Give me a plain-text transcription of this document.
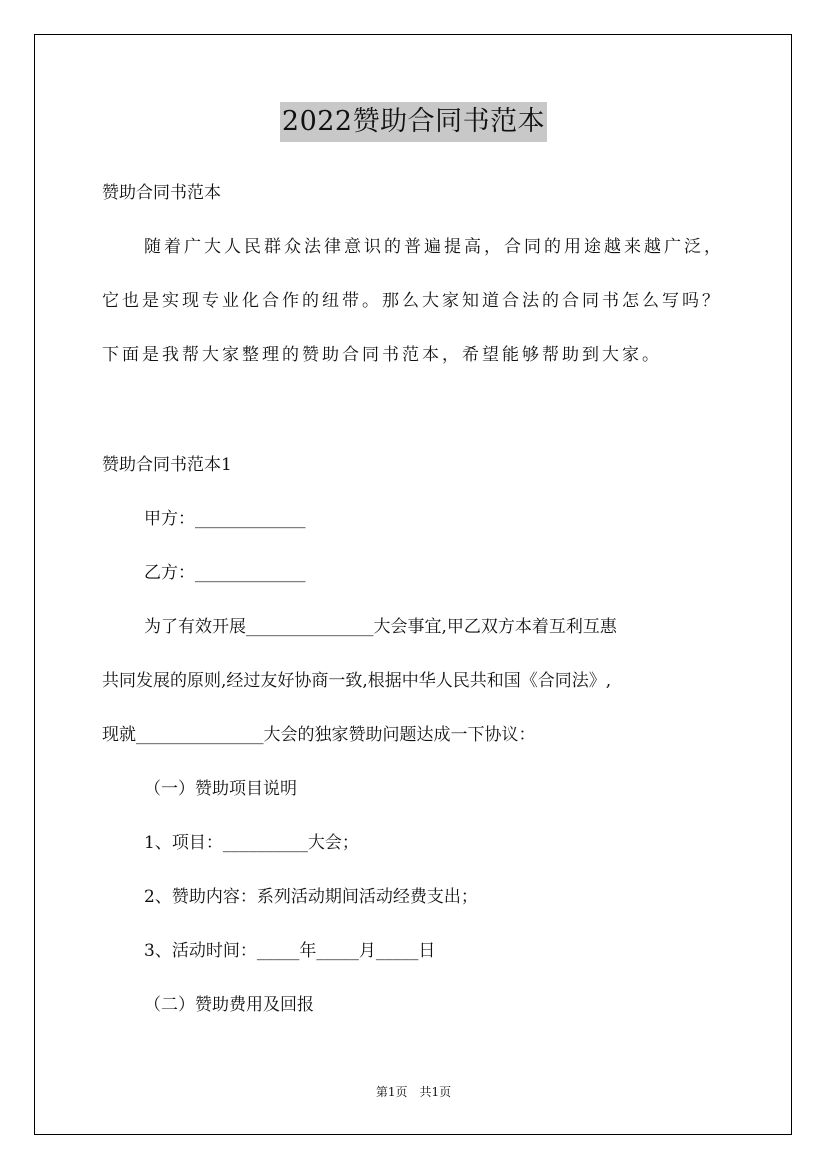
2022赞助合同书范本
赞助合同书范本
随着广大人民群众法律意识的普遍提高，合同的用途越来越广泛，
它也是实现专业化合作的纽带。那么大家知道合法的合同书怎么写吗？
下面是我帮大家整理的赞助合同书范本，希望能够帮助到大家。
赞助合同书范本1
甲方：_____________
乙方：_____________
为了有效开展_______________大会事宜,甲乙双方本着互利互惠
共同发展的原则,经过友好协商一致,根据中华人民共和国《合同法》,
现就_______________大会的独家赞助问题达成一下协议：
（一）赞助项目说明
1、项目：__________大会；
2、赞助内容：系列活动期间活动经费支出；
3、活动时间：_____年_____月_____日
（二）赞助费用及回报
第1页　共1页
